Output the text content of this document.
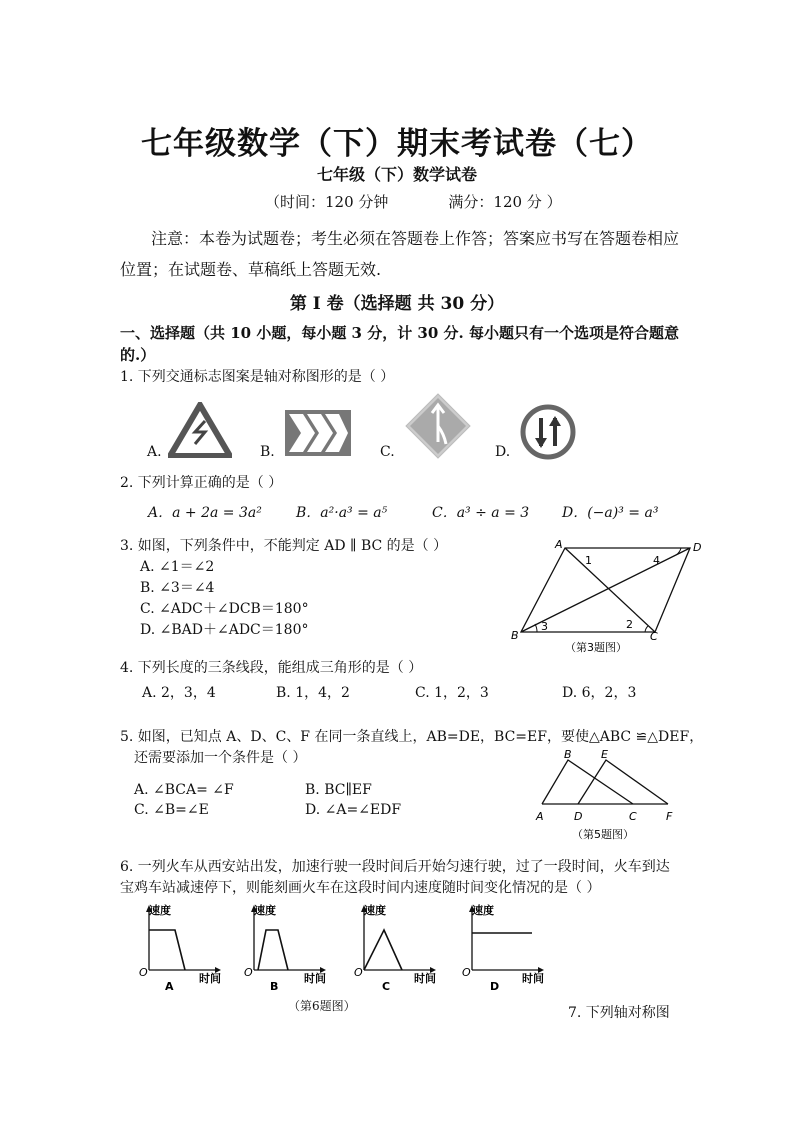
七年级数学（下）期末考试卷（七）
七年级（下）数学试卷
（时间：120 分钟	满分：120 分 ）
注意：本卷为试题卷；考生必须在答题卷上作答；答案应书写在答题卷相应位置；在试题卷、草稿纸上答题无效.
第 Ⅰ 卷（选择题 共 30 分）
一、选择题（共 10 小题，每小题 3 分，计 30 分. 每小题只有一个选项是符合题意的.）
1. 下列交通标志图案是轴对称图形的是（ ）
A.	B.	C.	D.
2. 下列计算正确的是（ ）
A．a + 2a = 3a² B．a²·a³ = a⁵	C．a³ ÷ a = 3 D．(−a)³ = a³
3. 如图，下列条件中，不能判定 AD ∥ BC 的是（ ）
A. ∠1＝∠2
B. ∠3＝∠4
C. ∠ADC＋∠DCB＝180°
D. ∠BAD＋∠ADC＝180°
A	D
B	C
1	4
3	2
（第3题图）
4. 下列长度的三条线段，能组成三角形的是（ ）
A. 2，3，4	B. 1，4，2	C. 1，2，3	D. 6，2，3
5. 如图，已知点 A、D、C、F 在同一条直线上，AB=DE，BC=EF，要使△ABC ≌△DEF，
还需要添加一个条件是（ ）
A. ∠BCA= ∠F	B. BC∥EF
C. ∠B=∠E	D. ∠A=∠EDF
B	E
A	D	C	F
（第5题图）
6. 一列火车从西安站出发，加速行驶一段时间后开始匀速行驶，过了一段时间，火车到达
宝鸡车站减速停下，则能刻画火车在这段时间内速度随时间变化情况的是（ ）
速度
O	时间
A
速度
O	时间
B
速度
O	时间
C
速度
O	时间
D
（第6题图）	7. 下列轴对称图
